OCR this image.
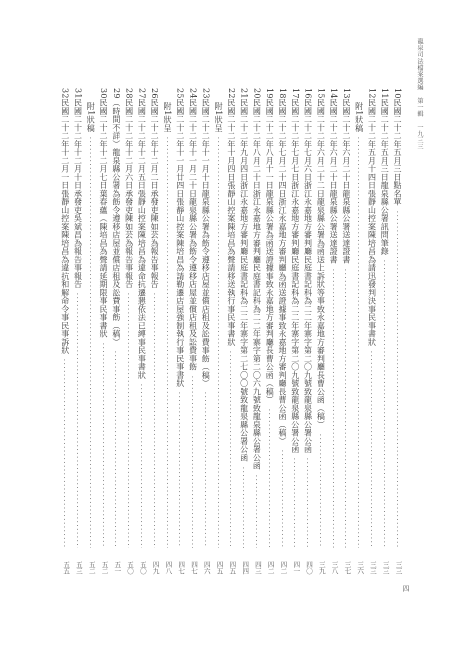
龍泉司法檔案選編　第一輯　一九三三
10民國二十二年五月三日點名單
三三
11民國二十二年五月三日龍泉縣公署訊問筆錄
三三
12民國二十二年五月十四日張靜山控案陳培昌為請迅發判決事民事書狀
三三
附1狀稿
三六
13民國二十二年六月二十日龍泉縣公署送達證書
三七
14民國二十二年六月二十日龍泉縣公署送達證書
三八
15民國二十二年六月二十二日龍泉縣公署為函送上訴狀等事致永嘉地方審判廳長曹公函（稿）
三九
16民國二十二年七月六日浙江永嘉地方審判廳民庭書記科為二二年寨字第二〇九號致龍泉縣公署公函
四〇
17民國二十二年七月七日浙江永嘉地方審判廳民庭書記科為二二年寨字第二〇九號致龍泉縣公署公函
四一
18民國二十二年七月二十四日浙江永嘉地方審判廳為函送證據事致永嘉地方審判廳長曹公函（稿）
四二
19民國二十二年八月十一日龍泉縣公署為函送證據事致永嘉地方審判廳長曹公函（稿）
四二
20民國二十二年八月二十日浙江永嘉地方審判廳民庭書記科為二二年寨字第二〇六九號致龍泉縣公署公函
四三
21民國二十二年九月四日浙江永嘉地方審判廳民庭書記科為二二年寨字第二七〇〇號致龍泉縣公署公函
四四
22民國二十二年十月四日張靜山控案陳培昌為聲請移送執行事民事書狀
四五
附1狀呈
四五
23民國二十二年十一月十日龍泉縣公署為飭令遵移店屋並償店租及訟費事飭（稿）
四六
24民國二十二年十一月二十日龍泉縣公署為飭令遵移店屋並償店租及訟費事飭
四七
25民國二十二年十一月廿四日張靜山控案陳培昌為請勒遷店屋強制執行事民事書狀
四七
附1狀呈
四八
26民國二十二年十二月二日承發吏陳如芸為報告事報告
四九
27民國二十二年十二月五日張靜山控案陳培昌為違命抗遷懇依法已縛事民事書狀
五〇
28民國二十二年十二月六日承發吏陳如芸為報告事報告
五〇
29（時間不詳）龍泉縣公署為飭令遵移店屋並償店租及訟費事飭（稿）
五一
30民國二十二年十二月七日葉春蘊（陳培昌為聲請延期限事民事書狀
五二
附1狀稿
五二
31民國二十二年十二月十日承發吏吳斌昌為報告事報告
五三
32民國二十二年十二月一日張靜山控案陳培昌為違抗和解命令事民事訴狀
五五
四
